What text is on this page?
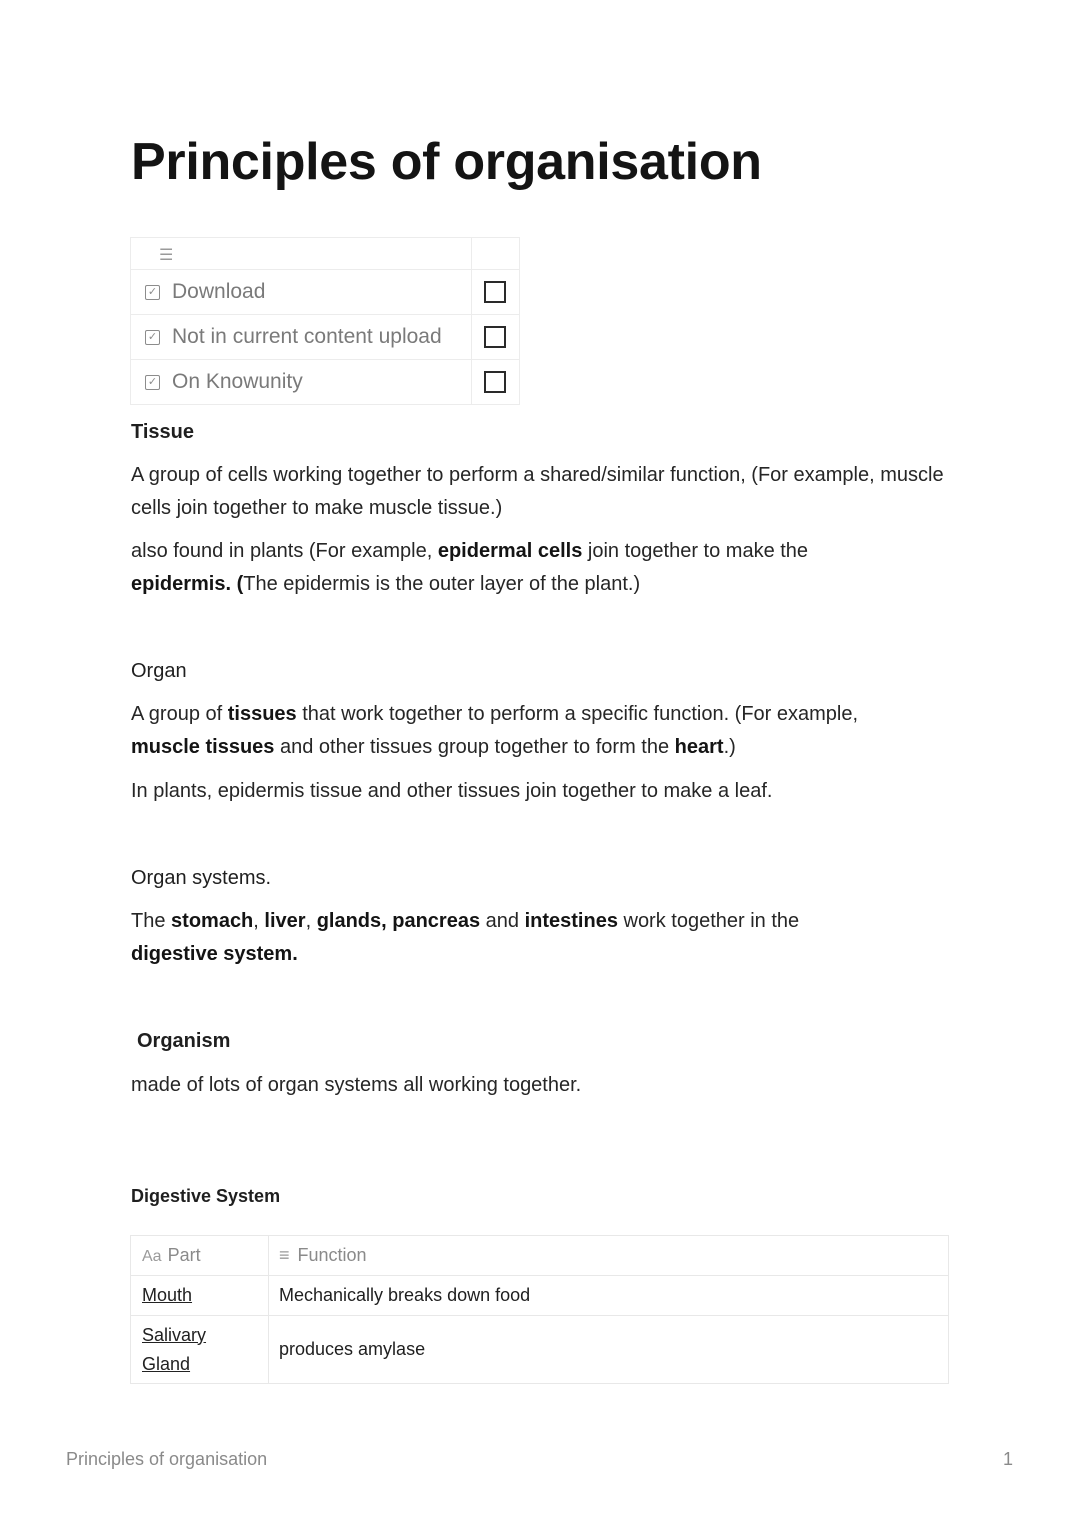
Principles of organisation
☰	
✓ Download	
✓ Not in current content upload	
✓ On Knowunity	
Tissue

A group of cells working together to perform a shared/similar function, (For example, muscle cells join together to make muscle tissue.)

also found in plants (For example, epidermal cells join together to make the epidermis. (The epidermis is the outer layer of the plant.)

Organ

A group of tissues that work together to perform a specific function. (For example, muscle tissues and other tissues group together to form the heart.)

In plants, epidermis tissue and other tissues join together to make a leaf.

Organ systems.

The stomach, liver, glands, pancreas and intestines work together in the digestive system.

Organism

made of lots of organ systems all working together.

Digestive System
Aa Part	≡ Function
Mouth	Mechanically breaks down food
Salivary Gland	produces amylase
Principles of organisation	1
